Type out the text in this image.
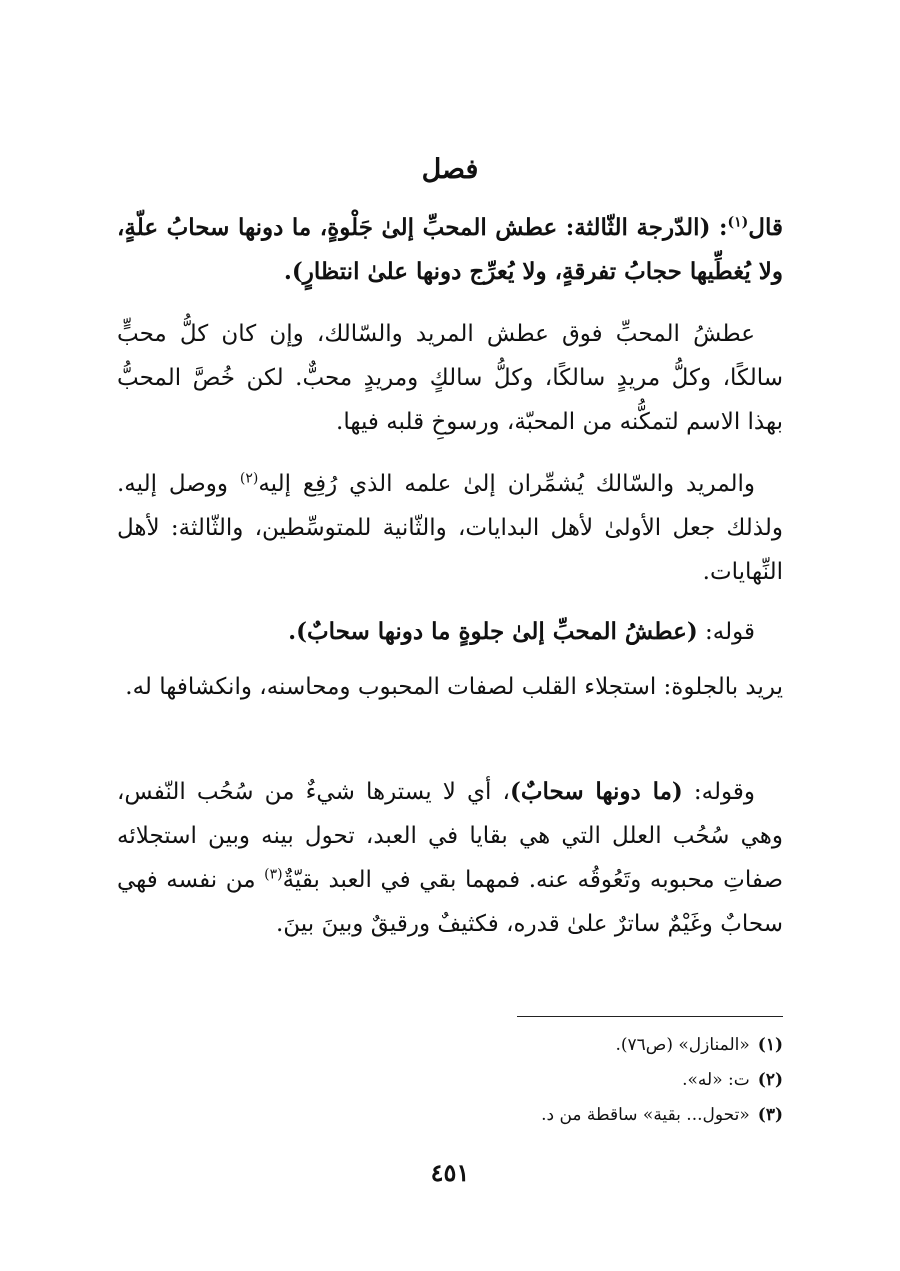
فصل

قال$^{(١)}$: (الدّرجة الثّالثة: عطش المحبِّ إلىٰ جَلْوةٍ، ما دونها سحابُ علّةٍ، ولا يُغطِّيها حجابُ تفرقةٍ، ولا يُعرِّج دونها علىٰ انتظارٍ).

عطشُ المحبِّ فوق عطش المريد والسّالك، وإن كان كلُّ محبٍّ سالكًا، وكلُّ مريدٍ سالكًا، وكلُّ سالكٍ ومريدٍ محبٌّ. لكن خُصَّ المحبُّ بهذا الاسم لتمكُّنه من المحبّة، ورسوخِ قلبه فيها.

والمريد والسّالك يُشمِّران إلىٰ علمه الذي رُفِع إليه$^{(٢)}$ ووصل إليه. ولذلك جعل الأولىٰ لأهل البدايات، والثّانية للمتوسِّطين، والثّالثة: لأهل النِّهايات.

قوله: (عطشُ المحبِّ إلىٰ جلوةٍ ما دونها سحابٌ).

يريد بالجلوة: استجلاء القلب لصفات المحبوب ومحاسنه، وانكشافها له.

وقوله: (ما دونها سحابٌ)، أي لا يسترها شيءٌ من سُحُب النّفس، وهي سُحُب العلل التي هي بقايا في العبد، تحول بينه وبين استجلائه صفاتِ محبوبه وتَعُوقُه عنه. فمهما بقي في العبد بقيّةٌ$^{(٣)}$ من نفسه فهي سحابٌ وغَيْمٌ ساترٌ علىٰ قدره، فكثيفٌ ورقيقٌ وبينَ بينَ.

(١)«المنازل» (ص٧٦).
(٢)ت: «له».
(٣)«تحول... بقية» ساقطة من د.
٤٥١
